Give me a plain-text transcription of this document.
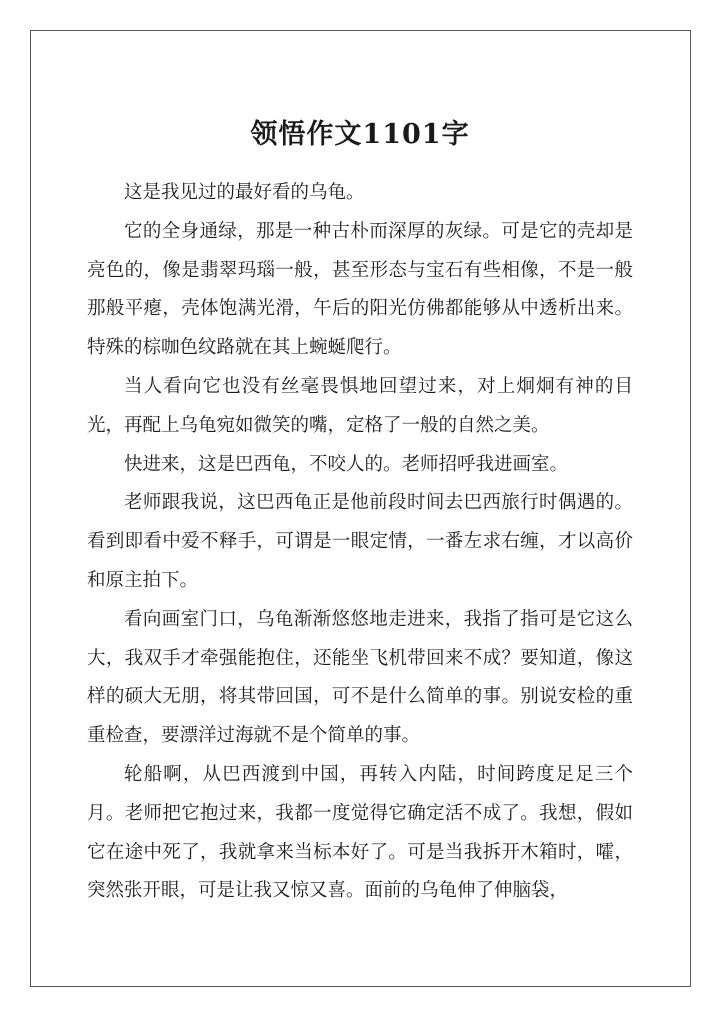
领悟作文1101字

这是我见过的最好看的乌龟。

它的全身通绿，那是一种古朴而深厚的灰绿。可是它的壳却是亮色的，像是翡翠玛瑙一般，甚至形态与宝石有些相像，不是一般那般平瘪，壳体饱满光滑，午后的阳光仿佛都能够从中透析出来。特殊的棕咖色纹路就在其上蜿蜒爬行。

当人看向它也没有丝毫畏惧地回望过来，对上炯炯有神的目光，再配上乌龟宛如微笑的嘴，定格了一般的自然之美。

快进来，这是巴西龟，不咬人的。老师招呼我进画室。

老师跟我说，这巴西龟正是他前段时间去巴西旅行时偶遇的。看到即看中爱不释手，可谓是一眼定情，一番左求右缠，才以高价和原主拍下。

看向画室门口，乌龟渐渐悠悠地走进来，我指了指可是它这么大，我双手才牵强能抱住，还能坐飞机带回来不成？要知道，像这样的硕大无朋，将其带回国，可不是什么简单的事。别说安检的重重检查，要漂洋过海就不是个简单的事。

轮船啊，从巴西渡到中国，再转入内陆，时间跨度足足三个月。老师把它抱过来，我都一度觉得它确定活不成了。我想，假如它在途中死了，我就拿来当标本好了。可是当我拆开木箱时，嚯，突然张开眼，可是让我又惊又喜。面前的乌龟伸了伸脑袋，
